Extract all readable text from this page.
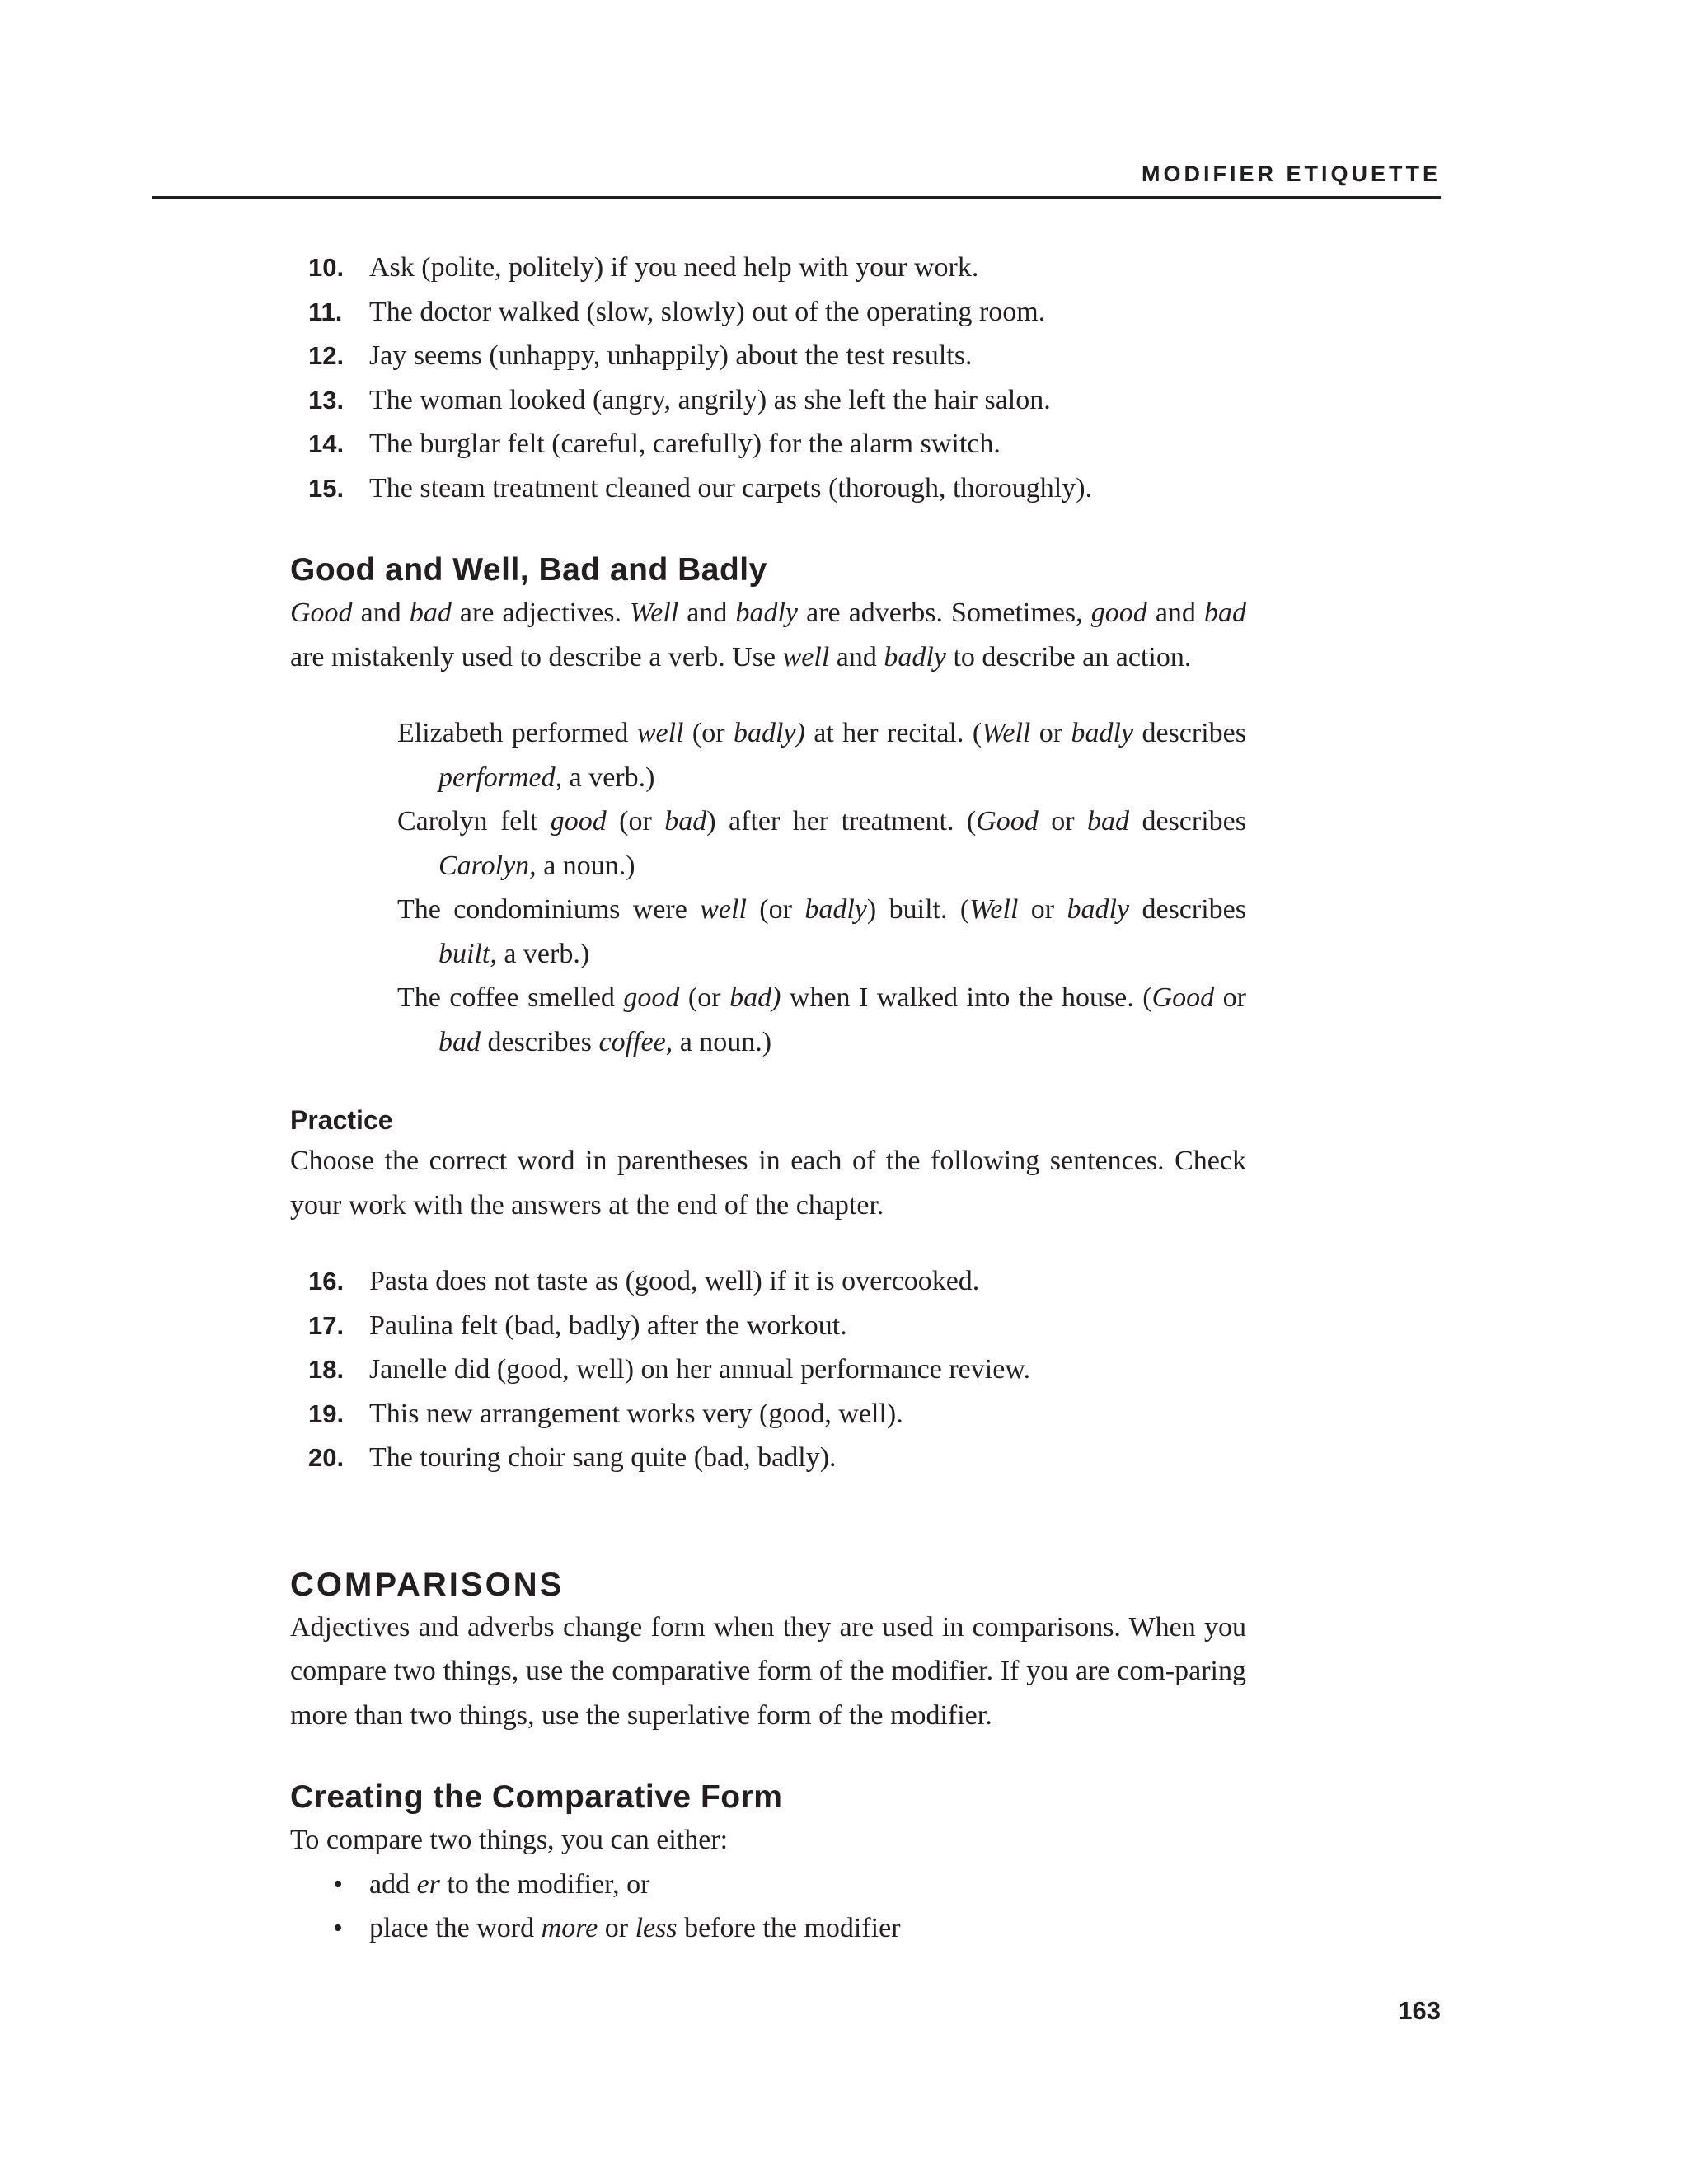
MODIFIER ETIQUETTE
10. Ask (polite, politely) if you need help with your work.
11. The doctor walked (slow, slowly) out of the operating room.
12. Jay seems (unhappy, unhappily) about the test results.
13. The woman looked (angry, angrily) as she left the hair salon.
14. The burglar felt (careful, carefully) for the alarm switch.
15. The steam treatment cleaned our carpets (thorough, thoroughly).
Good and Well, Bad and Badly

Good and bad are adjectives. Well and badly are adverbs. Sometimes, good and bad are mistakenly used to describe a verb. Use well and badly to describe an action.

Elizabeth performed well (or badly) at her recital. (Well or badly describes performed, a verb.)

Carolyn felt good (or bad) after her treatment. (Good or bad describes Carolyn, a noun.)

The condominiums were well (or badly) built. (Well or badly describes built, a verb.)

The coffee smelled good (or bad) when I walked into the house. (Good or bad describes coffee, a noun.)

Practice

Choose the correct word in parentheses in each of the following sentences. Check your work with the answers at the end of the chapter.

16. Pasta does not taste as (good, well) if it is overcooked.
17. Paulina felt (bad, badly) after the workout.
18. Janelle did (good, well) on her annual performance review.
19. This new arrangement works very (good, well).
20. The touring choir sang quite (bad, badly).
COMPARISONS

Adjectives and adverbs change form when they are used in comparisons. When you compare two things, use the comparative form of the modifier. If you are com-paring more than two things, use the superlative form of the modifier.

Creating the Comparative Form

To compare two things, you can either:

• add er to the modifier, or
• place the word more or less before the modifier
163
